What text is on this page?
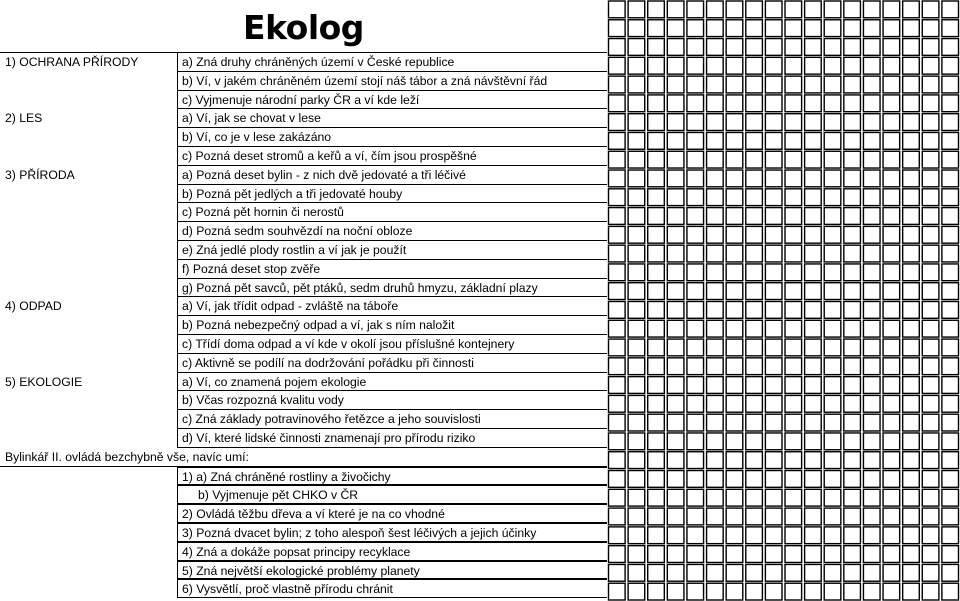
Ekolog
1) OCHRANA PŘÍRODY	a) Zná druhy chráněných území v České republice
b) Ví, v jakém chráněném území stojí náš tábor a zná návštěvní řád
c) Vyjmenuje národní parky ČR a ví kde leží
2) LES	a) Ví, jak se chovat v lese
b) Ví, co je v lese zakázáno
c) Pozná deset stromů a keřů a ví, čím jsou prospěšné
3) PŘÍRODA	a) Pozná deset bylin - z nich dvě jedovaté a tři léčivé
b) Pozná pět jedlých a tři jedovaté houby
c) Pozná pět hornin či nerostů
d) Pozná sedm souhvězdí na noční obloze
e) Zná jedlé plody rostlin a ví jak je použít
f) Pozná deset stop zvěře
g) Pozná pět savců, pět ptáků, sedm druhů hmyzu, základní plazy
4) ODPAD	a) Ví, jak třídit odpad - zvláště na táboře
b) Pozná nebezpečný odpad a ví, jak s ním naložit
c) Třídí doma odpad a ví kde v okolí jsou příslušné kontejnery
c) Aktivně se podílí na dodržování pořádku při činnosti
5) EKOLOGIE	a) Ví, co znamená pojem ekologie
b) Včas rozpozná kvalitu vody
c) Zná základy potravinového řetězce a jeho souvislosti
d) Ví, které lidské činnosti znamenají pro přírodu riziko
Bylinkář II. ovládá bezchybně vše, navíc umí:
1) a) Zná chráněné rostliny a živočichy
b) Vyjmenuje pět CHKO v ČR
2) Ovládá těžbu dřeva a ví které je na co vhodné
3) Pozná dvacet bylin; z toho alespoň šest léčivých a jejich účinky
4) Zná a dokáže popsat principy recyklace
5) Zná největší ekologické problémy planety
6) Vysvětlí, proč vlastně přírodu chránit
